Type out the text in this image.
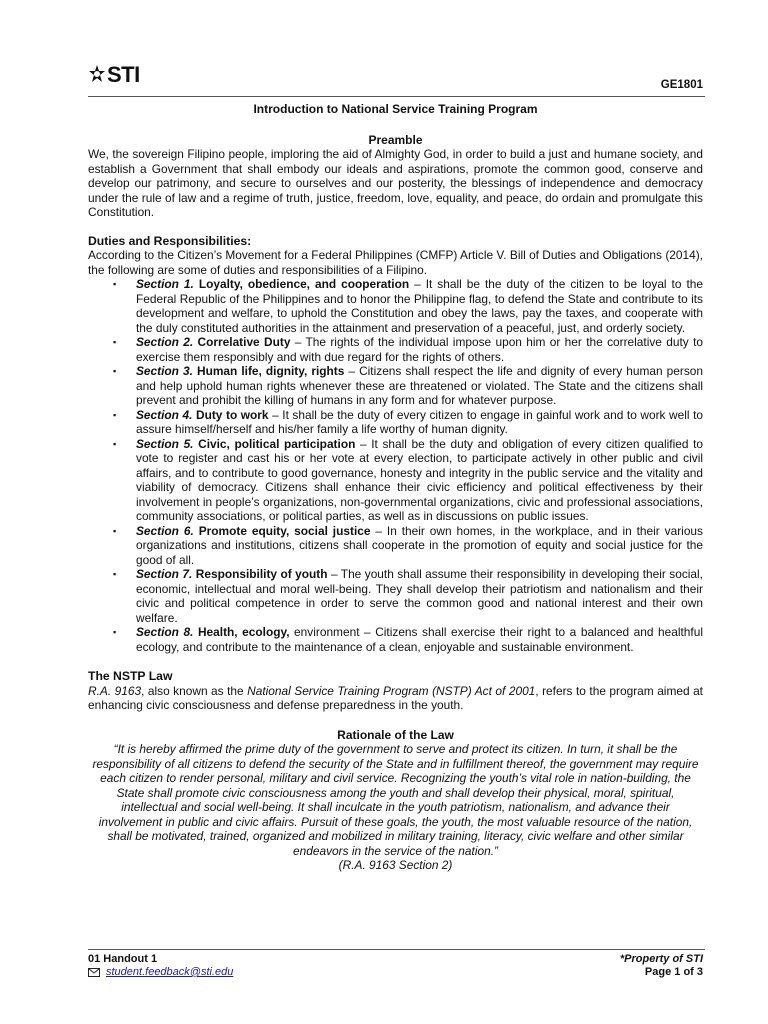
STI	GE1801
Introduction to National Service Training Program
Preamble
We, the sovereign Filipino people, imploring the aid of Almighty God, in order to build a just and humane society, and establish a Government that shall embody our ideals and aspirations, promote the common good, conserve and develop our patrimony, and secure to ourselves and our posterity, the blessings of independence and democracy under the rule of law and a regime of truth, justice, freedom, love, equality, and peace, do ordain and promulgate this Constitution.
Duties and Responsibilities:
According to the Citizen’s Movement for a Federal Philippines (CMFP) Article V. Bill of Duties and Obligations (2014), the following are some of duties and responsibilities of a Filipino.
▪ Section 1. Loyalty, obedience, and cooperation – It shall be the duty of the citizen to be loyal to the Federal Republic of the Philippines and to honor the Philippine flag, to defend the State and contribute to its development and welfare, to uphold the Constitution and obey the laws, pay the taxes, and cooperate with the duly constituted authorities in the attainment and preservation of a peaceful, just, and orderly society.
▪ Section 2. Correlative Duty – The rights of the individual impose upon him or her the correlative duty to exercise them responsibly and with due regard for the rights of others.
▪ Section 3. Human life, dignity, rights – Citizens shall respect the life and dignity of every human person and help uphold human rights whenever these are threatened or violated. The State and the citizens shall prevent and prohibit the killing of humans in any form and for whatever purpose.
▪ Section 4. Duty to work – It shall be the duty of every citizen to engage in gainful work and to work well to assure himself/herself and his/her family a life worthy of human dignity.
▪ Section 5. Civic, political participation – It shall be the duty and obligation of every citizen qualified to vote to register and cast his or her vote at every election, to participate actively in other public and civil affairs, and to contribute to good governance, honesty and integrity in the public service and the vitality and viability of democracy. Citizens shall enhance their civic efficiency and political effectiveness by their involvement in people’s organizations, non-governmental organizations, civic and professional associations, community associations, or political parties, as well as in discussions on public issues.
▪ Section 6. Promote equity, social justice – In their own homes, in the workplace, and in their various organizations and institutions, citizens shall cooperate in the promotion of equity and social justice for the good of all.
▪ Section 7. Responsibility of youth – The youth shall assume their responsibility in developing their social, economic, intellectual and moral well-being. They shall develop their patriotism and nationalism and their civic and political competence in order to serve the common good and national interest and their own welfare.
▪ Section 8. Health, ecology, environment – Citizens shall exercise their right to a balanced and healthful ecology, and contribute to the maintenance of a clean, enjoyable and sustainable environment.
The NSTP Law
R.A. 9163, also known as the National Service Training Program (NSTP) Act of 2001, refers to the program aimed at enhancing civic consciousness and defense preparedness in the youth.
Rationale of the Law
“It is hereby affirmed the prime duty of the government to serve and protect its citizen. In turn, it shall be the responsibility of all citizens to defend the security of the State and in fulfillment thereof, the government may require each citizen to render personal, military and civil service. Recognizing the youth’s vital role in nation-building, the State shall promote civic consciousness among the youth and shall develop their physical, moral, spiritual, intellectual and social well-being. It shall inculcate in the youth patriotism, nationalism, and advance their involvement in public and civic affairs. Pursuit of these goals, the youth, the most valuable resource of the nation, shall be motivated, trained, organized and mobilized in military training, literacy, civic welfare and other similar endeavors in the service of the nation.”
(R.A. 9163 Section 2)
01 Handout 1
student.feedback@sti.edu
*Property of STI
Page 1 of 3
